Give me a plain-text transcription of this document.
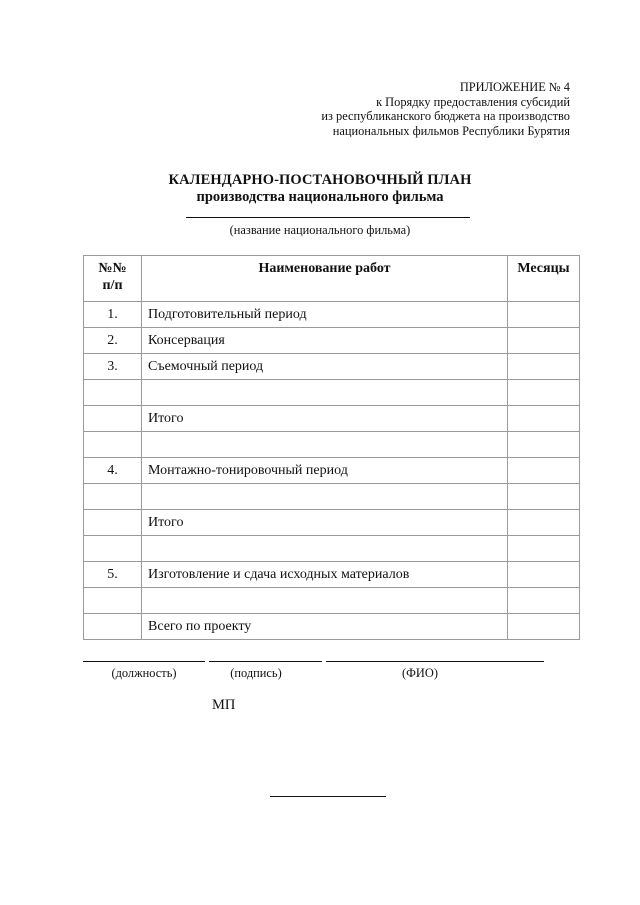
ПРИЛОЖЕНИЕ № 4
к Порядку предоставления субсидий
из республиканского бюджета на производство
национальных фильмов Республики Бурятия
КАЛЕНДАРНО-ПОСТАНОВОЧНЫЙ ПЛАН
производства национального фильма
(название национального фильма)
№№
п/п	Наименование работ	Месяцы
1.	Подготовительный период	
2.	Консервация	
3.	Съемочный период	

	Итого	

4.	Монтажно-тонировочный период	

	Итого	

5.	Изготовление и сдача исходных материалов	

	Всего по проекту	
(должность)	(подпись)	(ФИО)
МП
